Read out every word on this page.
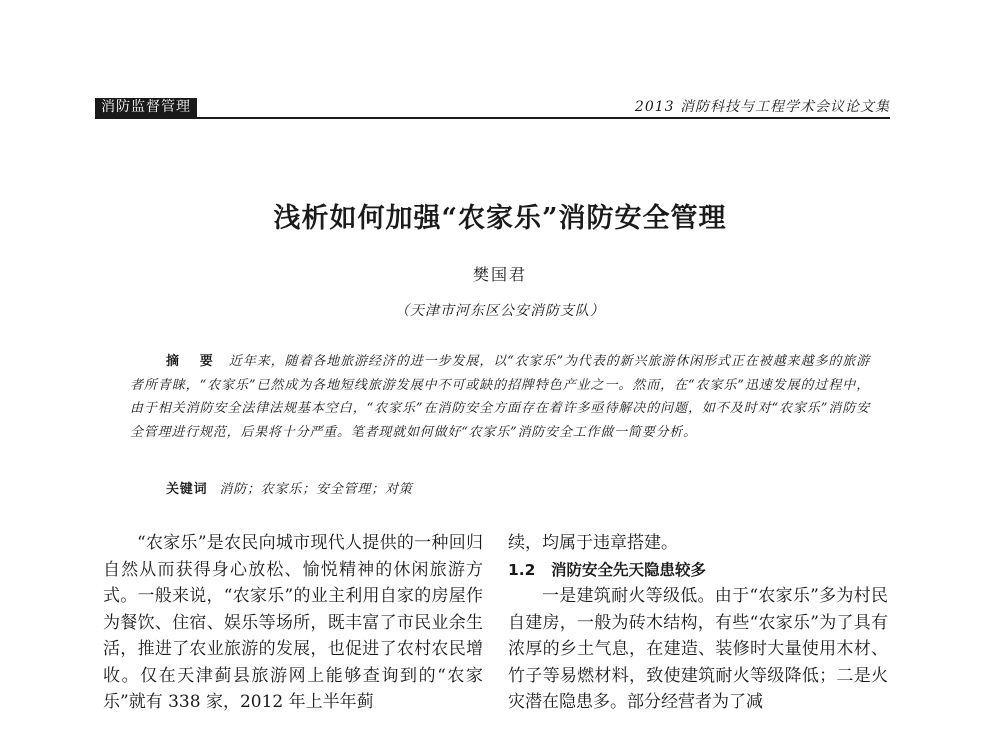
消防监督管理	2013 消防科技与工程学术会议论文集
浅析如何加强“农家乐”消防安全管理
樊国君
（天津市河东区公安消防支队）
摘 要 近年来，随着各地旅游经济的进一步发展，以“农家乐”为代表的新兴旅游休闲形式正在被越来越多的旅游者所青睐，“农家乐”已然成为各地短线旅游发展中不可或缺的招牌特色产业之一。然而，在“农家乐”迅速发展的过程中，由于相关消防安全法律法规基本空白，“农家乐”在消防安全方面存在着许多亟待解决的问题，如不及时对“农家乐”消防安全管理进行规范，后果将十分严重。笔者现就如何做好“农家乐”消防安全工作做一简要分析。
关键词 消防；农家乐；安全管理；对策

“农家乐”是农民向城市现代人提供的一种回归自然从而获得身心放松、愉悦精神的休闲旅游方式。一般来说，“农家乐”的业主利用自家的房屋作为餐饮、住宿、娱乐等场所，既丰富了市民业余生活，推进了农业旅游的发展，也促进了农村农民增收。仅在天津蓟县旅游网上能够查询到的“农家乐”就有 338 家，2012 年上半年蓟

续，均属于违章搭建。

1.2　消防安全先天隐患较多

一是建筑耐火等级低。由于“农家乐”多为村民自建房，一般为砖木结构，有些“农家乐”为了具有浓厚的乡土气息，在建造、装修时大量使用木材、竹子等易燃材料，致使建筑耐火等级降低；二是火灾潜在隐患多。部分经营者为了减
